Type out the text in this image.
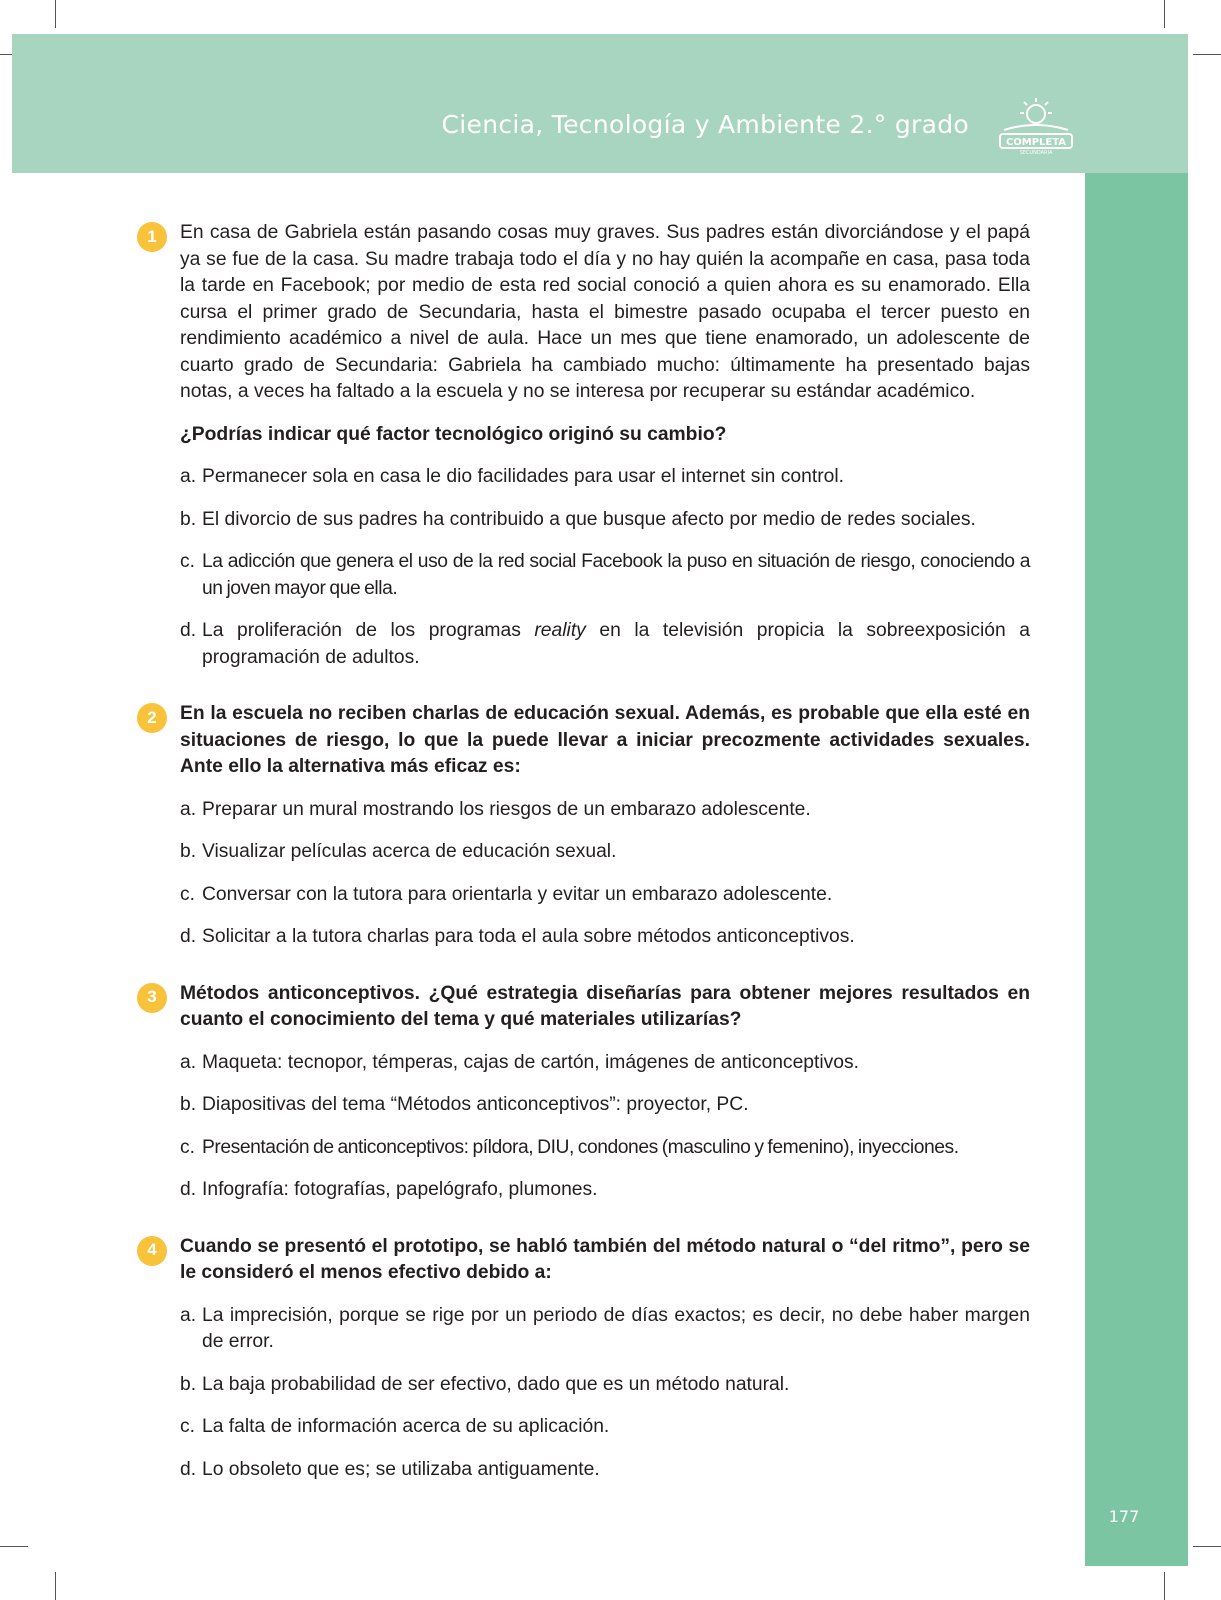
Ciencia, Tecnología y Ambiente 2.° grado
COMPLETA
SECUNDARIA
177
1	En casa de Gabriela están pasando cosas muy graves. Sus padres están divorciándose y el papá ya se fue de la casa. Su madre trabaja todo el día y no hay quién la acompañe en casa, pasa toda la tarde en Facebook; por medio de esta red social conoció a quien ahora es su enamorado. Ella cursa el primer grado de Secundaria, hasta el bimestre pasado ocupaba el tercer puesto en rendimiento académico a nivel de aula. Hace un mes que tiene enamorado, un adolescente de cuarto grado de Secundaria: Gabriela ha cambiado mucho: últimamente ha presentado bajas notas, a veces ha faltado a la escuela y no se interesa por recuperar su estándar académico.

¿Podrías indicar qué factor tecnológico originó su cambio?

a. Permanecer sola en casa le dio facilidades para usar el internet sin control.
b. El divorcio de sus padres ha contribuido a que busque afecto por medio de redes sociales.
c. La adicción que genera el uso de la red social Facebook la puso en situación de riesgo, conociendo a un joven mayor que ella.
d. La proliferación de los programas reality en la televisión propicia la sobreexposición a programación de adultos.
2	En la escuela no reciben charlas de educación sexual. Además, es probable que ella esté en situaciones de riesgo, lo que la puede llevar a iniciar precozmente actividades sexuales. Ante ello la alternativa más eficaz es:

a. Preparar un mural mostrando los riesgos de un embarazo adolescente.
b. Visualizar películas acerca de educación sexual.
c. Conversar con la tutora para orientarla y evitar un embarazo adolescente.
d. Solicitar a la tutora charlas para toda el aula sobre métodos anticonceptivos.
3	Métodos anticonceptivos. ¿Qué estrategia diseñarías para obtener mejores resultados en cuanto el conocimiento del tema y qué materiales utilizarías?

a. Maqueta: tecnopor, témperas, cajas de cartón, imágenes de anticonceptivos.
b. Diapositivas del tema “Métodos anticonceptivos”: proyector, PC.
c. Presentación de anticonceptivos: píldora, DIU, condones (masculino y femenino), inyecciones.
d. Infografía: fotografías, papelógrafo, plumones.
4	Cuando se presentó el prototipo, se habló también del método natural o “del ritmo”, pero se le consideró el menos efectivo debido a:

a. La imprecisión, porque se rige por un periodo de días exactos; es decir, no debe haber margen de error.
b. La baja probabilidad de ser efectivo, dado que es un método natural.
c. La falta de información acerca de su aplicación.
d. Lo obsoleto que es; se utilizaba antiguamente.
